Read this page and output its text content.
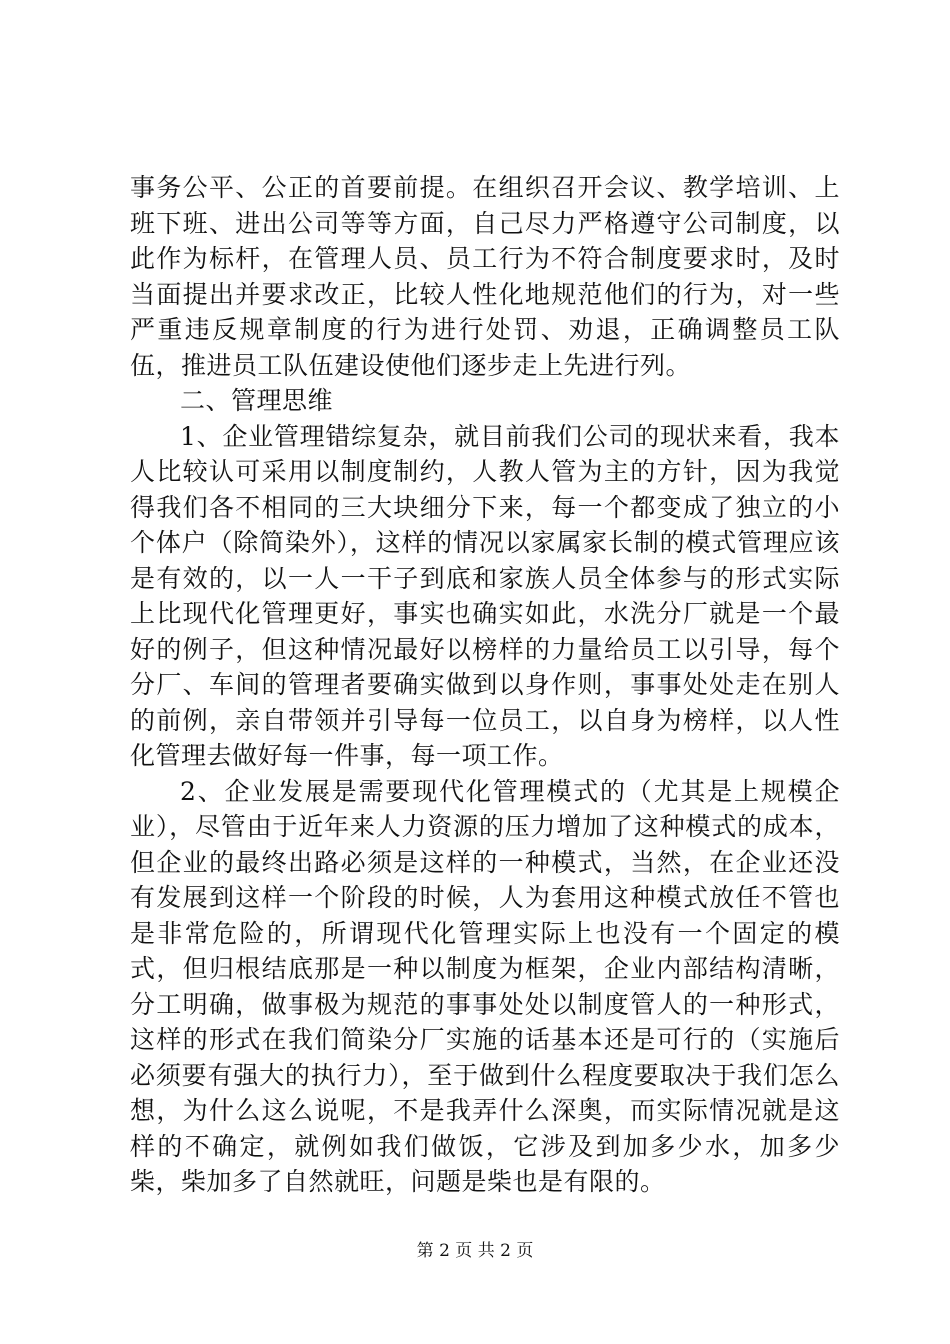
事务公平、公正的首要前提。在组织召开会议、教学培训、上班下班、进出公司等等方面，自己尽力严格遵守公司制度，以此作为标杆，在管理人员、员工行为不符合制度要求时，及时当面提出并要求改正，比较人性化地规范他们的行为，对一些严重违反规章制度的行为进行处罚、劝退，正确调整员工队伍，推进员工队伍建设使他们逐步走上先进行列。

二、管理思维

1、企业管理错综复杂，就目前我们公司的现状来看，我本人比较认可采用以制度制约，人教人管为主的方针，因为我觉得我们各不相同的三大块细分下来，每一个都变成了独立的小个体户（除简染外），这样的情况以家属家长制的模式管理应该是有效的，以一人一干子到底和家族人员全体参与的形式实际上比现代化管理更好，事实也确实如此，水洗分厂就是一个最好的例子，但这种情况最好以榜样的力量给员工以引导，每个分厂、车间的管理者要确实做到以身作则，事事处处走在别人的前例，亲自带领并引导每一位员工，以自身为榜样，以人性化管理去做好每一件事，每一项工作。

2、企业发展是需要现代化管理模式的（尤其是上规模企业），尽管由于近年来人力资源的压力增加了这种模式的成本，但企业的最终出路必须是这样的一种模式，当然，在企业还没有发展到这样一个阶段的时候，人为套用这种模式放任不管也是非常危险的，所谓现代化管理实际上也没有一个固定的模式，但归根结底那是一种以制度为框架，企业内部结构清晰，分工明确，做事极为规范的事事处处以制度管人的一种形式，这样的形式在我们简染分厂实施的话基本还是可行的（实施后必须要有强大的执行力），至于做到什么程度要取决于我们怎么想，为什么这么说呢，不是我弄什么深奥，而实际情况就是这样的不确定，就例如我们做饭，它涉及到加多少水，加多少柴，柴加多了自然就旺，问题是柴也是有限的。

第 2 页 共 2 页
